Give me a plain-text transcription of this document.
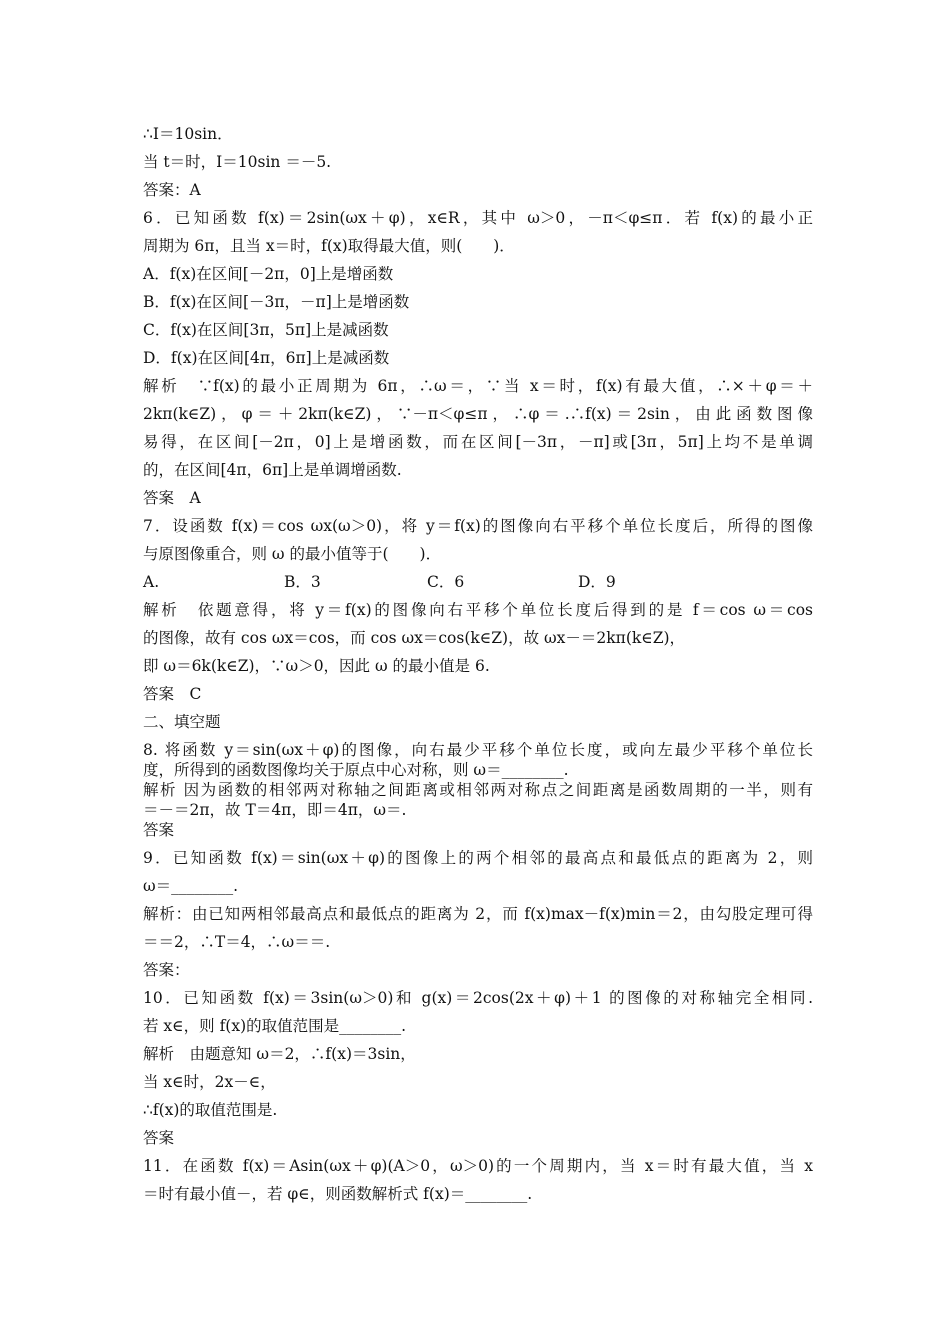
∴I＝10sin．
当 t＝时，I＝10sin ＝－5.
答案：A
6．已知函数 f(x)＝2sin(ωx＋φ)，x∈R，其中 ω＞0，－π＜φ≤π．若 f(x)的最小正
周期为 6π，且当 x＝时，f(x)取得最大值，则(　　)．
A．f(x)在区间[－2π，0]上是增函数
B．f(x)在区间[－3π，－π]上是增函数
C．f(x)在区间[3π，5π]上是减函数
D．f(x)在区间[4π，6π]上是减函数
解析　∵f(x)的最小正周期为 6π，∴ω＝，∵当 x＝时，f(x)有最大值，∴×＋φ＝＋
2kπ(k∈Z)，φ＝＋2kπ(k∈Z)，∵－π＜φ≤π，∴φ＝.∴f(x)＝2sin，由此函数图像
易得，在区间[－2π，0]上是增函数，而在区间[－3π，－π]或[3π，5π]上均不是单调
的，在区间[4π，6π]上是单调增函数.
答案　A
7．设函数 f(x)＝cos ωx(ω＞0)，将 y＝f(x)的图像向右平移个单位长度后，所得的图像
与原图像重合，则 ω 的最小值等于(　　)．
解析　依题意得，将 y＝f(x)的图像向右平移个单位长度后得到的是 f＝cos ω＝cos
的图像，故有 cos ωx＝cos，而 cos ωx＝cos(k∈Z)，故 ωx－＝2kπ(k∈Z)，
即 ω＝6k(k∈Z)，∵ω＞0，因此 ω 的最小值是 6.
答案　C
二、填空题
8. 将函数 y＝sin(ωx＋φ)的图像，向右最少平移个单位长度，或向左最少平移个单位长
度，所得到的函数图像均关于原点中心对称，则 ω＝________.
解析 因为函数的相邻两对称轴之间距离或相邻两对称点之间距离是函数周期的一半，则有
＝－＝2π，故 T＝4π，即＝4π，ω＝.
答案
9．已知函数 f(x)＝sin(ωx＋φ)的图像上的两个相邻的最高点和最低点的距离为 2，则
ω＝________.
解析：由已知两相邻最高点和最低点的距离为 2，而 f(x)max－f(x)min＝2，由勾股定理可得
＝＝2，∴T＝4，∴ω＝＝.
答案：
10．已知函数 f(x)＝3sin(ω＞0)和 g(x)＝2cos(2x＋φ)＋1 的图像的对称轴完全相同.
若 x∈，则 f(x)的取值范围是________.
解析　由题意知 ω＝2，∴f(x)＝3sin，
当 x∈时，2x－∈，
∴f(x)的取值范围是.
答案
11．在函数 f(x)＝Asin(ωx＋φ)(A＞0，ω＞0)的一个周期内，当 x＝时有最大值，当 x
＝时有最小值－，若 φ∈，则函数解析式 f(x)＝________.
A.	B．3	C．6	D．9
